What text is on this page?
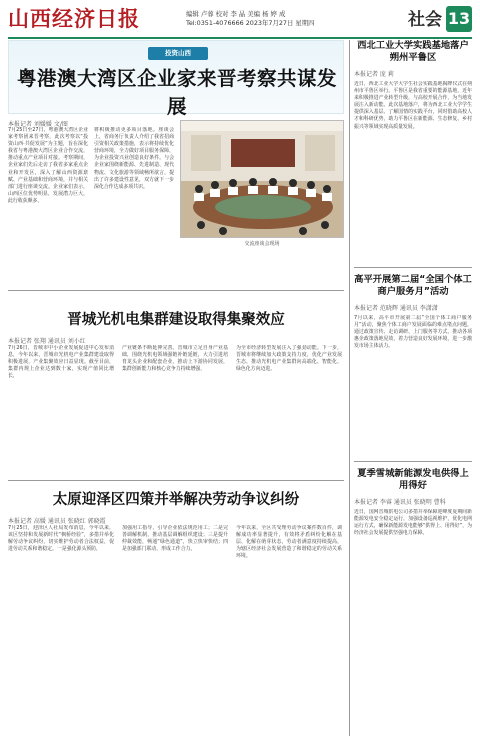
山西经济日报	编辑 卢蓉 校对 李 晶 美编 杨 婷 成
Tel:0351-4076666 2023年7月27日 星期四	社会 13
投资山西
粤港澳大湾区企业家来晋考察共谋发展
本报记者 刘媛媛 文/图
7月25日至27日，粤港澳大湾区企业家考察团来晋考察，此次考察以“投资山西·共促发展”为主题，旨在深化我省与粤港澳大湾区企业合作交流，推动重点产业项目对接。考察期间，企业家们先后走访了我省多家重点企业和开发区，深入了解山西资源禀赋、产业基础和营商环境，并与相关部门进行座谈交流。企业家们表示，山西区位优势明显，发展潜力巨大，此行收获颇多，
将积极推动更多项目落地。座谈会上，省商务厅负责人介绍了我省招商引资相关政策措施，表示将持续优化营商环境，全力做好项目服务保障，为企业投资兴业创造良好条件。与会企业家围绕新能源、先进制造、现代物流、文化旅游等领域畅所欲言，提出了许多建设性意见，双方就下一步深化合作达成多项共识。
交流座谈会现场
西北工业大学实践基地落户朔州平鲁区
本报记者 庞 莉
近日，西北工业大学大学生社会实践基地揭牌仪式在朔州市平鲁区举行。平鲁区是我省重要的能源基地，近年来积极推进产业转型升级，与高校开展合作，为当地发展注入新动能。此次基地落户，将为西北工业大学学生提供深入基层、了解国情的实践平台，同时借助高校人才和科研优势，助力平鲁区在新能源、生态修复、乡村振兴等领域实现高质量发展。
高平开展第二届“全国个体工商户服务月”活动
本报记者 范晓辉 通讯员 李潇潇
7月以来，高平市开展第二届“全国个体工商户服务月”活动，聚焦个体工商户发展面临的难点堵点问题，通过政策宣传、走访调研、上门服务等方式，推动各项惠企政策落地见效，着力营造良好发展环境，进一步激发市场主体活力。
夏季雪城新能源发电供得上用得好
本报记者 李睿 通讯员 张晓明 曹科
近日，国网晋城供电公司多措并举保障迎峰度夏期间新能源发电安全稳定运行，加强设备巡视维护，优化电网运行方式，确保新能源发电能够“供得上、用得好”，为经济社会发展提供坚强电力保障。
晋城光机电集群建设取得集聚效应
本报记者 张翔 通讯员 刘小红
7月26日，晋城市中小企业发展促进中心发布消息，今年以来，晋城市光机电产业集群建设取得积极进展，产业集聚效应日益显现。截至目前，集群内规上企业达到数十家，实现产值同比增长，
产业链条不断延伸完善。晋城市立足自身产业基础，围绕光机电领域强链补链延链，大力引进培育龙头企业和配套企业，推动上下游协同发展，集群创新能力和核心竞争力持续增强，
为全市经济转型发展注入了强劲动能。下一步，晋城市将继续加大政策支持力度，优化产业发展生态，推动光机电产业集群向高端化、智能化、绿色化方向迈进。
太原迎泽区四策并举解决劳动争议纠纷
本报记者 高媛 通讯员 张晓红 郭晓霞
7月25日，迎泽区人社局发布消息，今年以来，该区坚持和发展新时代“枫桥经验”，多措并举化解劳动争议纠纷，切实维护劳动者合法权益，促进劳动关系和谐稳定。一是强化源头预防，
加强用工指导，引导企业依法规范用工；二是完善调解机制，推动基层调解组织建设；三是提升仲裁效能，畅通“绿色通道”，快立快审快结；四是加强部门联动，形成工作合力。
今年以来，全区共受理劳动争议案件数百件，调解成功率显著提升，有效将矛盾纠纷化解在基层、化解在萌芽状态，劳动者满意度持续提高，为辖区经济社会发展营造了和谐稳定的劳动关系环境。
